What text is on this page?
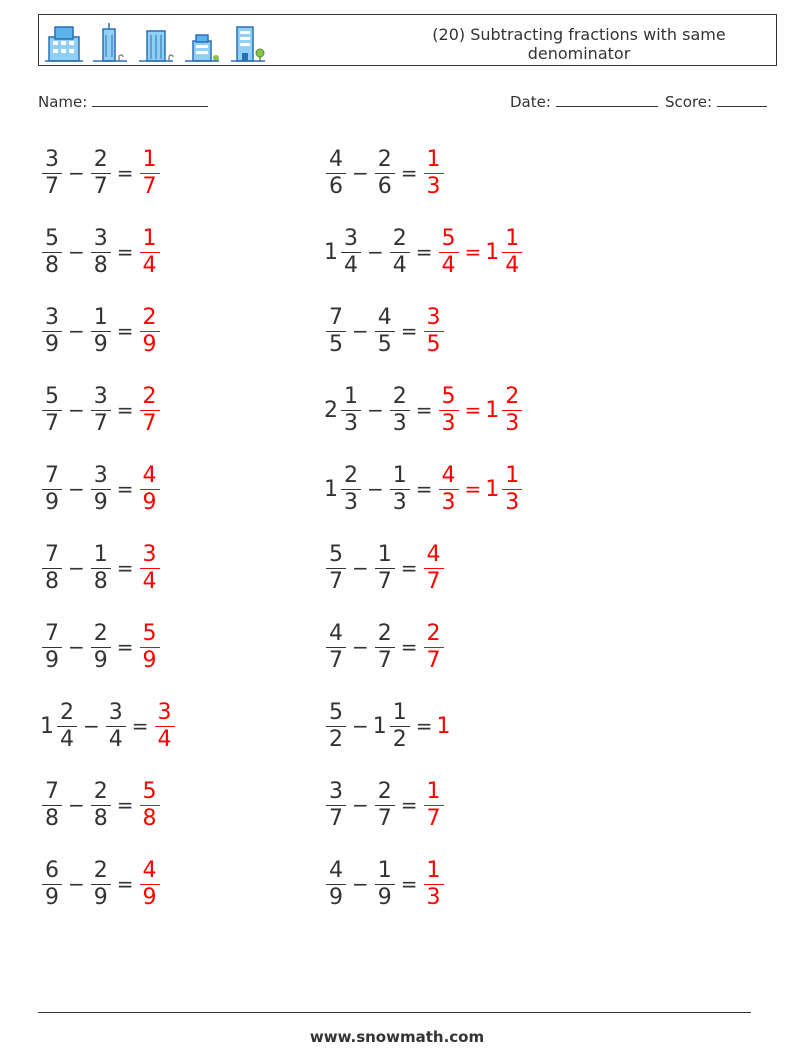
(20) Subtracting fractions with same denominator
Name:	Date:	Score:
$\frac{3}{7} - \frac{2}{7} = \frac{1}{7}$
$\frac{5}{8} - \frac{3}{8} = \frac{1}{4}$
$\frac{3}{9} - \frac{1}{9} = \frac{2}{9}$
$\frac{5}{7} - \frac{3}{7} = \frac{2}{7}$
$\frac{7}{9} - \frac{3}{9} = \frac{4}{9}$
$\frac{7}{8} - \frac{1}{8} = \frac{3}{4}$
$\frac{7}{9} - \frac{2}{9} = \frac{5}{9}$
$1 \frac{2}{4} - \frac{3}{4} = \frac{3}{4}$
$\frac{7}{8} - \frac{2}{8} = \frac{5}{8}$
$\frac{6}{9} - \frac{2}{9} = \frac{4}{9}$
$\frac{4}{6} - \frac{2}{6} = \frac{1}{3}$
$1 \frac{3}{4} - \frac{2}{4} = \frac{5}{4} = 1 \frac{1}{4}$
$\frac{7}{5} - \frac{4}{5} = \frac{3}{5}$
$2 \frac{1}{3} - \frac{2}{3} = \frac{5}{3} = 1 \frac{2}{3}$
$1 \frac{2}{3} - \frac{1}{3} = \frac{4}{3} = 1 \frac{1}{3}$
$\frac{5}{7} - \frac{1}{7} = \frac{4}{7}$
$\frac{4}{7} - \frac{2}{7} = \frac{2}{7}$
$\frac{5}{2} - 1 \frac{1}{2} = 1$
$\frac{3}{7} - \frac{2}{7} = \frac{1}{7}$
$\frac{4}{9} - \frac{1}{9} = \frac{1}{3}$
www.snowmath.com
